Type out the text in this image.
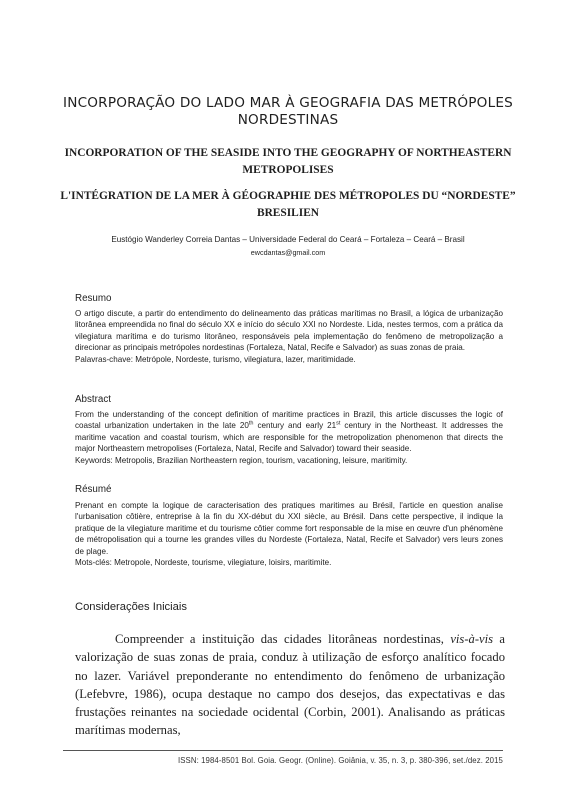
INCORPORAÇÃO DO LADO MAR À GEOGRAFIA DAS METRÓPOLES NORDESTINAS
INCORPORATION OF THE SEASIDE INTO THE GEOGRAPHY OF NORTHEASTERN METROPOLISES
L'INTÉGRATION DE LA MER À GÉOGRAPHIE DES MÉTROPOLES DU “NORDESTE” BRESILIEN

Eustógio Wanderley Correia Dantas – Universidade Federal do Ceará – Fortaleza – Ceará – Brasil

ewcdantas@gmail.com

Resumo

O artigo discute, a partir do entendimento do delineamento das práticas marítimas no Brasil, a lógica de urbanização litorânea empreendida no final do século XX e início do século XXI no Nordeste. Lida, nestes termos, com a prática da vilegiatura marítima e do turismo litorâneo, responsáveis pela implementação do fenômeno de metropolização a direcionar as principais metrópoles nordestinas (Fortaleza, Natal, Recife e Salvador) as suas zonas de praia.

Palavras-chave: Metrópole, Nordeste, turismo, vilegiatura, lazer, maritimidade.

Abstract

From the understanding of the concept definition of maritime practices in Brazil, this article discusses the logic of coastal urbanization undertaken in the late 20th century and early 21st century in the Northeast. It addresses the maritime vacation and coastal tourism, which are responsible for the metropolization phenomenon that directs the major Northeastern metropolises (Fortaleza, Natal, Recife and Salvador) toward their seaside.

Keywords: Metropolis, Brazilian Northeastern region, tourism, vacationing, leisure, maritimity.

Résumé

Prenant en compte la logique de caracterisation des pratiques maritimes au Brésil, l'article en question analise l'urbanisation côtière, entreprise à la fin du XX-début du XXI siècle, au Brésil. Dans cette perspective, il indique la pratique de la vilegiature maritime et du tourisme côtier comme fort responsable de la mise en œuvre d'un phénomène de métropolisation qui a tourne les grandes villes du Nordeste (Fortaleza, Natal, Recife et Salvador) vers leurs zones de plage.

Mots-clés: Metropole, Nordeste, tourisme, vilegiature, loisirs, maritimite.

Considerações Iniciais

Compreender a instituição das cidades litorâneas nordestinas, vis-à-vis a valorização de suas zonas de praia, conduz à utilização de esforço analítico focado no lazer. Variável preponderante no entendimento do fenômeno de urbanização (Lefebvre, 1986), ocupa destaque no campo dos desejos, das expectativas e das frustações reinantes na sociedade ocidental (Corbin, 2001). Analisando as práticas marítimas modernas,

ISSN: 1984-8501 Bol. Goia. Geogr. (Online). Goiânia, v. 35, n. 3, p. 380-396, set./dez. 2015
